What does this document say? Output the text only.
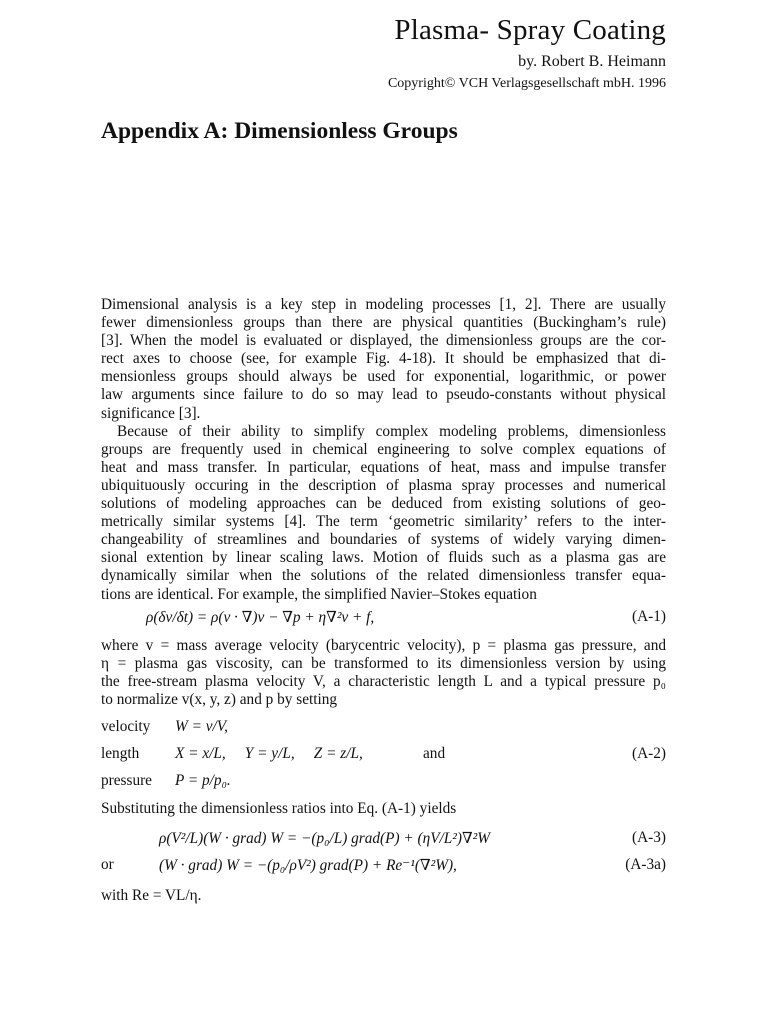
Plasma- Spray Coating
by. Robert B. Heimann
Copyright© VCH Verlagsgesellschaft mbH. 1996
Appendix A: Dimensionless Groups

Dimensional analysis is a key step in modeling processes [1, 2]. There are usually
fewer dimensionless groups than there are physical quantities (Buckingham’s rule)
[3]. When the model is evaluated or displayed, the dimensionless groups are the cor-
rect axes to choose (see, for example Fig. 4-18). It should be emphasized that di-
mensionless groups should always be used for exponential, logarithmic, or power
law arguments since failure to do so may lead to pseudo-constants without physical
significance [3].

Because of their ability to simplify complex modeling problems, dimensionless
groups are frequently used in chemical engineering to solve complex equations of
heat and mass transfer. In particular, equations of heat, mass and impulse transfer
ubiquituously occuring in the description of plasma spray processes and numerical
solutions of modeling approaches can be deduced from existing solutions of geo-
metrically similar systems [4]. The term ‘geometric similarity’ refers to the inter-
changeability of streamlines and boundaries of systems of widely varying dimen-
sional extention by linear scaling laws. Motion of fluids such as a plasma gas are
dynamically similar when the solutions of the related dimensionless transfer equa-
tions are identical. For example, the simplified Navier–Stokes equation

ρ(δv/δt) = ρ(v · ∇)v − ∇p + η∇²v + f,	(A-1)

where v = mass average velocity (barycentric velocity), p = plasma gas pressure, and
η = plasma gas viscosity, can be transformed to its dimensionless version by using
the free-stream plasma velocity V, a characteristic length L and a typical pressure p₀
to normalize v(x, y, z) and p by setting

velocity W = v/V,
length X = x/L,     Y = y/L,     Z = z/L,	and	(A-2)
pressure P = p/p₀.
Substituting the dimensionless ratios into Eq. (A-1) yields
ρ(V²/L)(W · grad) W = −(p₀/L) grad(P) + (ηV/L²)∇²W	(A-3)
or	(W · grad) W = −(p₀/ρV²) grad(P) + Re⁻¹(∇²W),	(A-3a)
with Re = VL/η.
